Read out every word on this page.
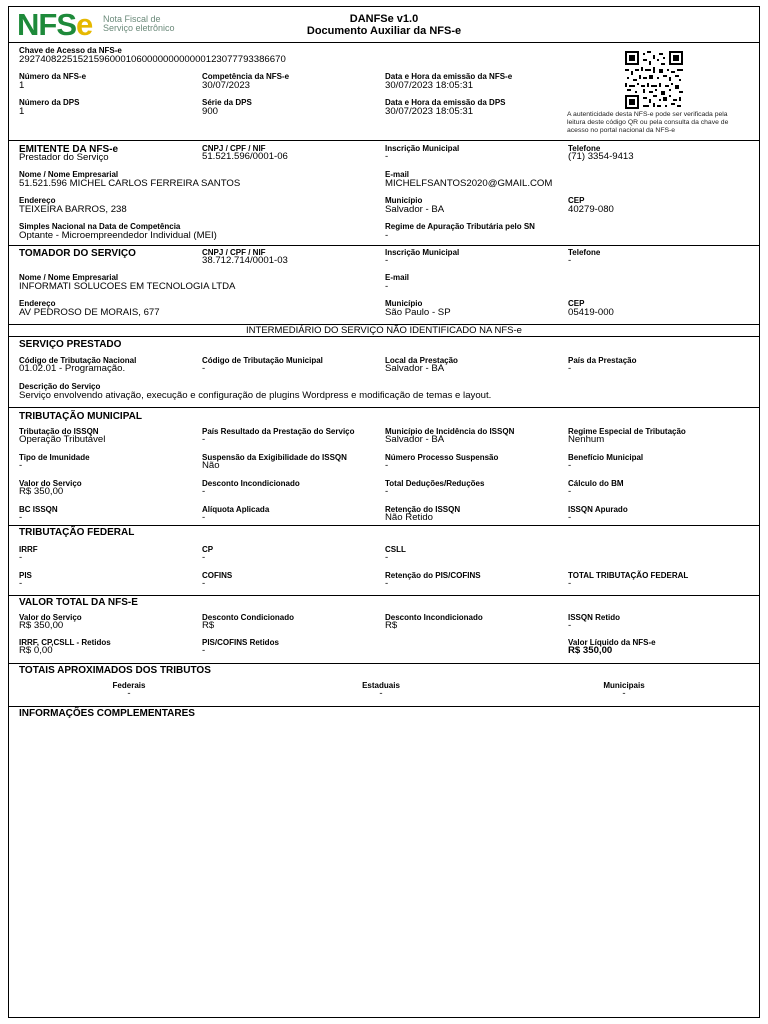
NFSe Nota Fiscal de
Serviço eletrônico
DANFSe v1.0
Documento Auxiliar da NFS-e
Chave de Acesso da NFS-e
29274082251521596000106000000000000123077793386670
Número da NFS-e
1
Competência da NFS-e
30/07/2023
Data e Hora da emissão da NFS-e
30/07/2023 18:05:31
Número da DPS
1
Série da DPS
900
Data e Hora da emissão da DPS
30/07/2023 18:05:31	A autenticidade desta NFS-e pode ser verificada pela leitura deste código QR ou pela consulta da chave de acesso no portal nacional da NFS-e
EMITENTE DA NFS-e
Prestador do Serviço
CNPJ / CPF / NIF
51.521.596/0001-06
Inscrição Municipal
-
Telefone
(71) 3354-9413
Nome / Nome Empresarial
51.521.596 MICHEL CARLOS FERREIRA SANTOS
E-mail
MICHELFSANTOS2020@GMAIL.COM
Endereço
TEIXEIRA BARROS, 238
Município
Salvador - BA
CEP
40279-080
Simples Nacional na Data de Competência
Optante - Microempreendedor Individual (MEI)
Regime de Apuração Tributária pelo SN
-
TOMADOR DO SERVIÇO	CNPJ / CPF / NIF
38.712.714/0001-03
Inscrição Municipal
-
Telefone
-
Nome / Nome Empresarial
INFORMATI SOLUCOES EM TECNOLOGIA LTDA
E-mail
-
Endereço
AV PEDROSO DE MORAIS, 677
Município
São Paulo - SP
CEP
05419-000
INTERMEDIÁRIO DO SERVIÇO NÃO IDENTIFICADO NA NFS-e
SERVIÇO PRESTADO
Código de Tributação Nacional
01.02.01 - Programação.
Código de Tributação Municipal
-
Local da Prestação
Salvador - BA
País da Prestação
-
Descrição do Serviço
Serviço envolvendo ativação, execução e configuração de plugins Wordpress e modificação de temas e layout.
TRIBUTAÇÃO MUNICIPAL
Tributação do ISSQN
Operação Tributável
País Resultado da Prestação do Serviço
-
Município de Incidência do ISSQN
Salvador - BA
Regime Especial de Tributação
Nenhum
Tipo de Imunidade
-
Suspensão da Exigibilidade do ISSQN
Não
Número Processo Suspensão
-
Benefício Municipal
-
Valor do Serviço
R$ 350,00
Desconto Incondicionado
-
Total Deduções/Reduções
-
Cálculo do BM
-
BC ISSQN
-
Alíquota Aplicada
-
Retenção do ISSQN
Não Retido
ISSQN Apurado
-
TRIBUTAÇÃO FEDERAL
IRRF
-
CP
-
CSLL
-
PIS
-
COFINS
-
Retenção do PIS/COFINS
-
TOTAL TRIBUTAÇÃO FEDERAL
-
VALOR TOTAL DA NFS-E
Valor do Serviço
R$ 350,00
Desconto Condicionado
R$
Desconto Incondicionado
R$
ISSQN Retido
-
IRRF, CP,CSLL - Retidos
R$ 0,00
PIS/COFINS Retidos
-
Valor Líquido da NFS-e
R$ 350,00
TOTAIS APROXIMADOS DOS TRIBUTOS
Federais
-
Estaduais
-
Municipais
-
INFORMAÇÕES COMPLEMENTARES
